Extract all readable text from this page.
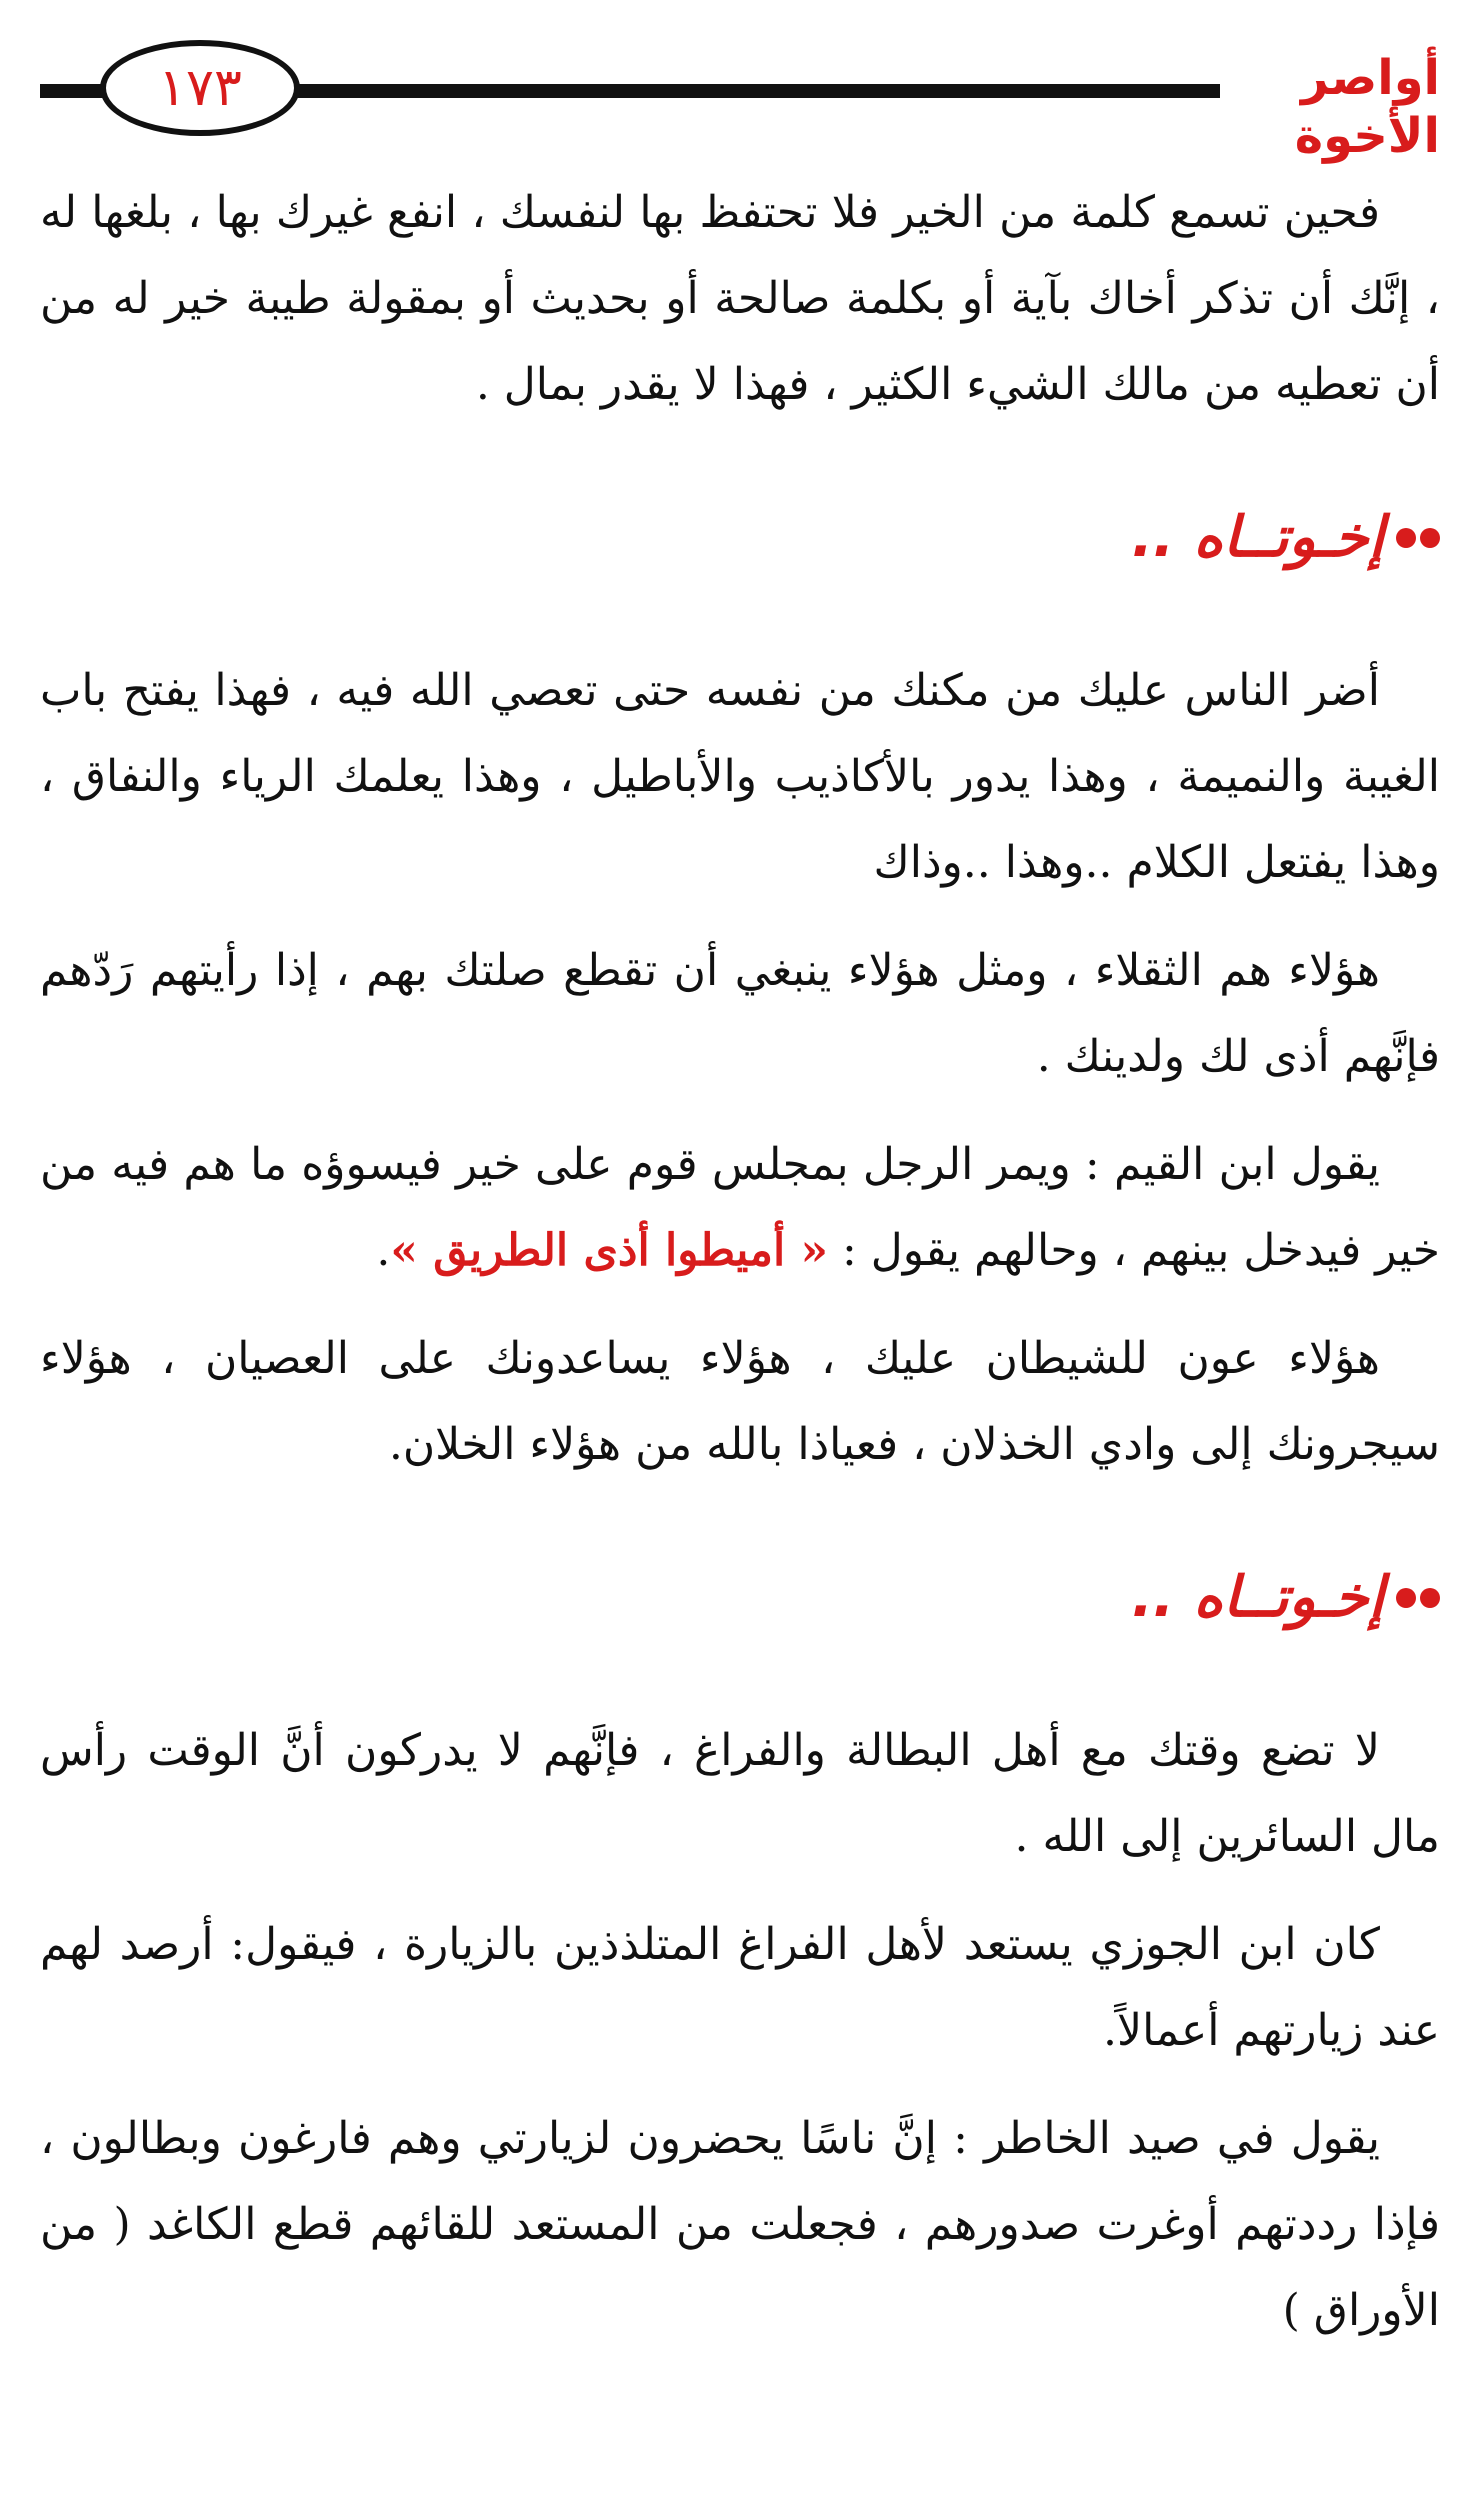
١٧٣	أواصر الأخوة

فحين تسمع كلمة من الخير فلا تحتفظ بها لنفسك ، انفع غيرك بها ، بلغها له ، إنَّك أن تذكر أخاك بآية أو بكلمة صالحة أو بحديث أو بمقولة طيبة خير له من أن تعطيه من مالك الشيء الكثير ، فهذا لا يقدر بمال .

إخـوتــاه ..

أضر الناس عليك من مكنك من نفسه حتى تعصي الله فيه ، فهذا يفتح باب الغيبة والنميمة ، وهذا يدور بالأكاذيب والأباطيل ، وهذا يعلمك الرياء والنفاق ، وهذا يفتعل الكلام ..وهذا ..وذاك

هؤلاء هم الثقلاء ، ومثل هؤلاء ينبغي أن تقطع صلتك بهم ، إذا رأيتهم رَدّهم فإنَّهم أذى لك ولدينك .

يقول ابن القيم : ويمر الرجل بمجلس قوم على خير فيسوؤه ما هم فيه من خير فيدخل بينهم ، وحالهم يقول : « أميطوا أذى الطريق ».

هؤلاء عون للشيطان عليك ، هؤلاء يساعدونك على العصيان ، هؤلاء سيجرونك إلى وادي الخذلان ، فعياذا بالله من هؤلاء الخلان.

إخـوتــاه ..

لا تضع وقتك مع أهل البطالة والفراغ ، فإنَّهم لا يدركون أنَّ الوقت رأس مال السائرين إلى الله .

كان ابن الجوزي يستعد لأهل الفراغ المتلذذين بالزيارة ، فيقول: أرصد لهم عند زيارتهم أعمالاً.

يقول في صيد الخاطر : إنَّ ناسًا يحضرون لزيارتي وهم فارغون وبطالون ، فإذا رددتهم أوغرت صدورهم ، فجعلت من المستعد للقائهم قطع الكاغد ( من الأوراق )
